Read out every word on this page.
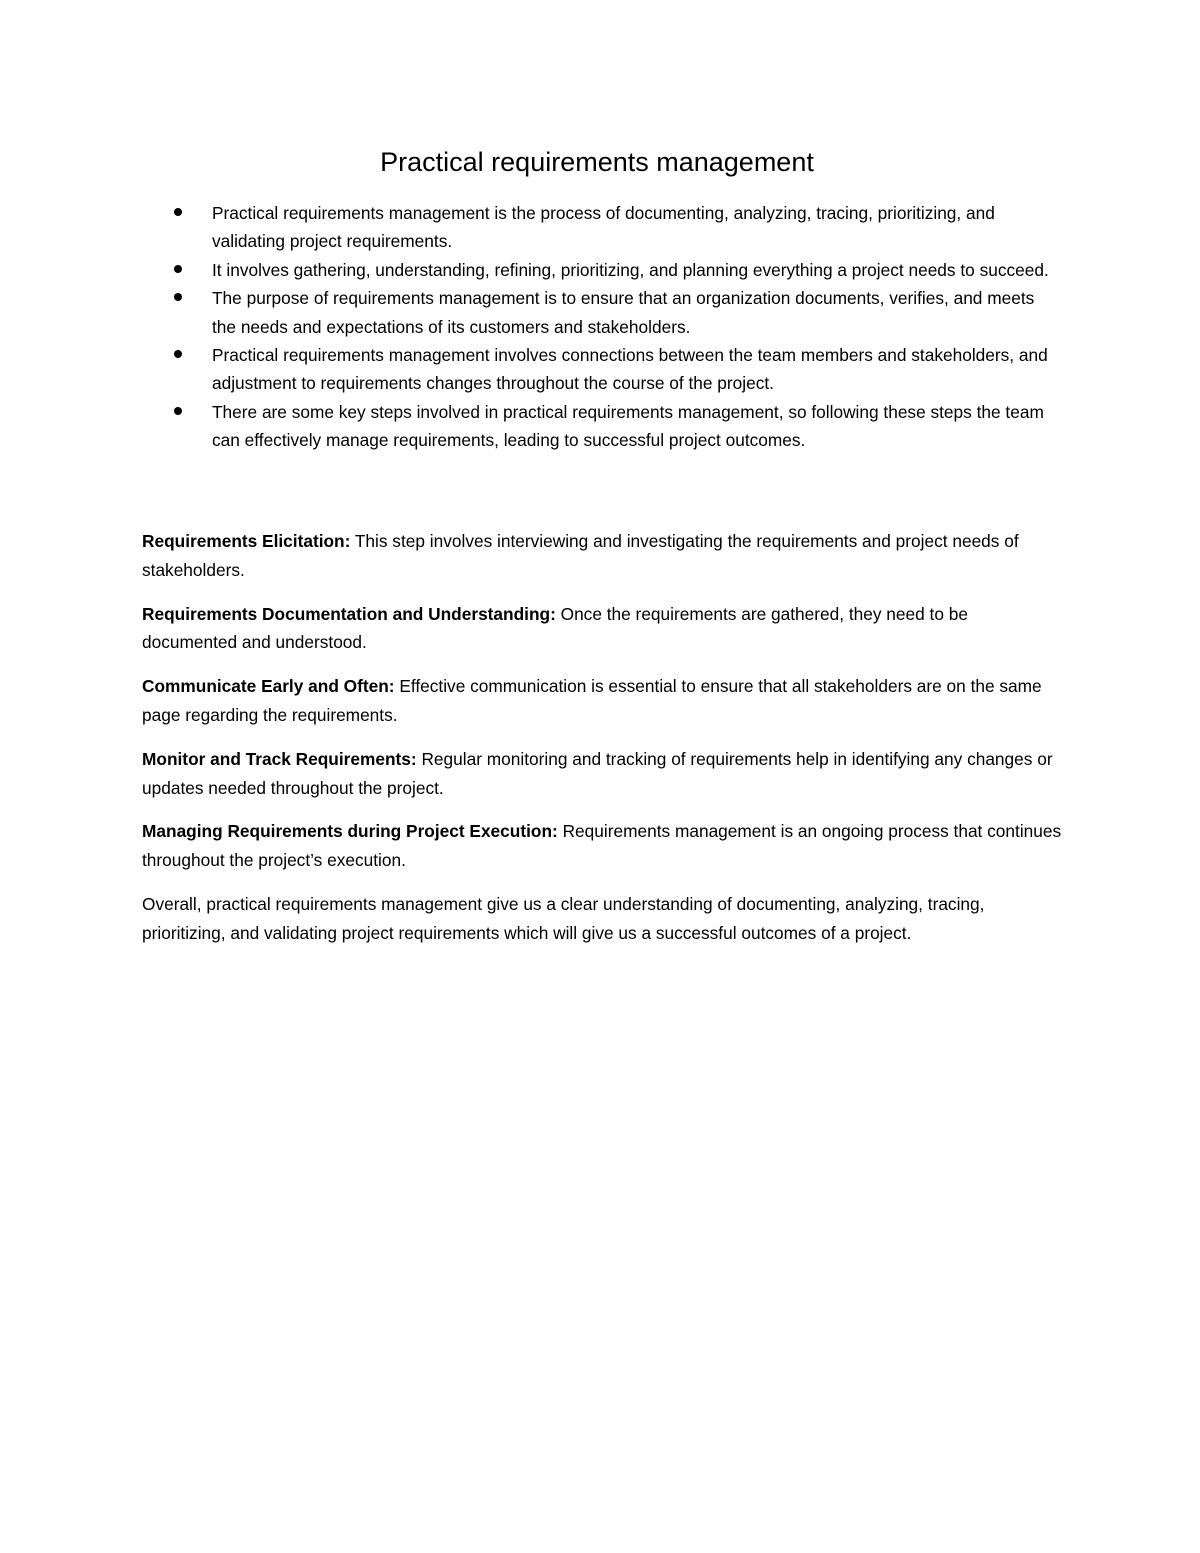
Practical requirements management
Practical requirements management is the process of documenting, analyzing, tracing, prioritizing, and validating project requirements.
It involves gathering, understanding, refining, prioritizing, and planning everything a project needs to succeed.
The purpose of requirements management is to ensure that an organization documents, verifies, and meets the needs and expectations of its customers and stakeholders.
Practical requirements management involves connections between the team members and stakeholders, and adjustment to requirements changes throughout the course of the project.
There are some key steps involved in practical requirements management, so following these steps the team can effectively manage requirements, leading to successful project outcomes.

Requirements Elicitation: This step involves interviewing and investigating the requirements and project needs of stakeholders.

Requirements Documentation and Understanding: Once the requirements are gathered, they need to be documented and understood.

Communicate Early and Often: Effective communication is essential to ensure that all stakeholders are on the same page regarding the requirements.

Monitor and Track Requirements: Regular monitoring and tracking of requirements help in identifying any changes or updates needed throughout the project.

Managing Requirements during Project Execution: Requirements management is an ongoing process that continues throughout the project’s execution.

Overall, practical requirements management give us a clear understanding of documenting, analyzing, tracing, prioritizing, and validating project requirements which will give us a successful outcomes of a project.
